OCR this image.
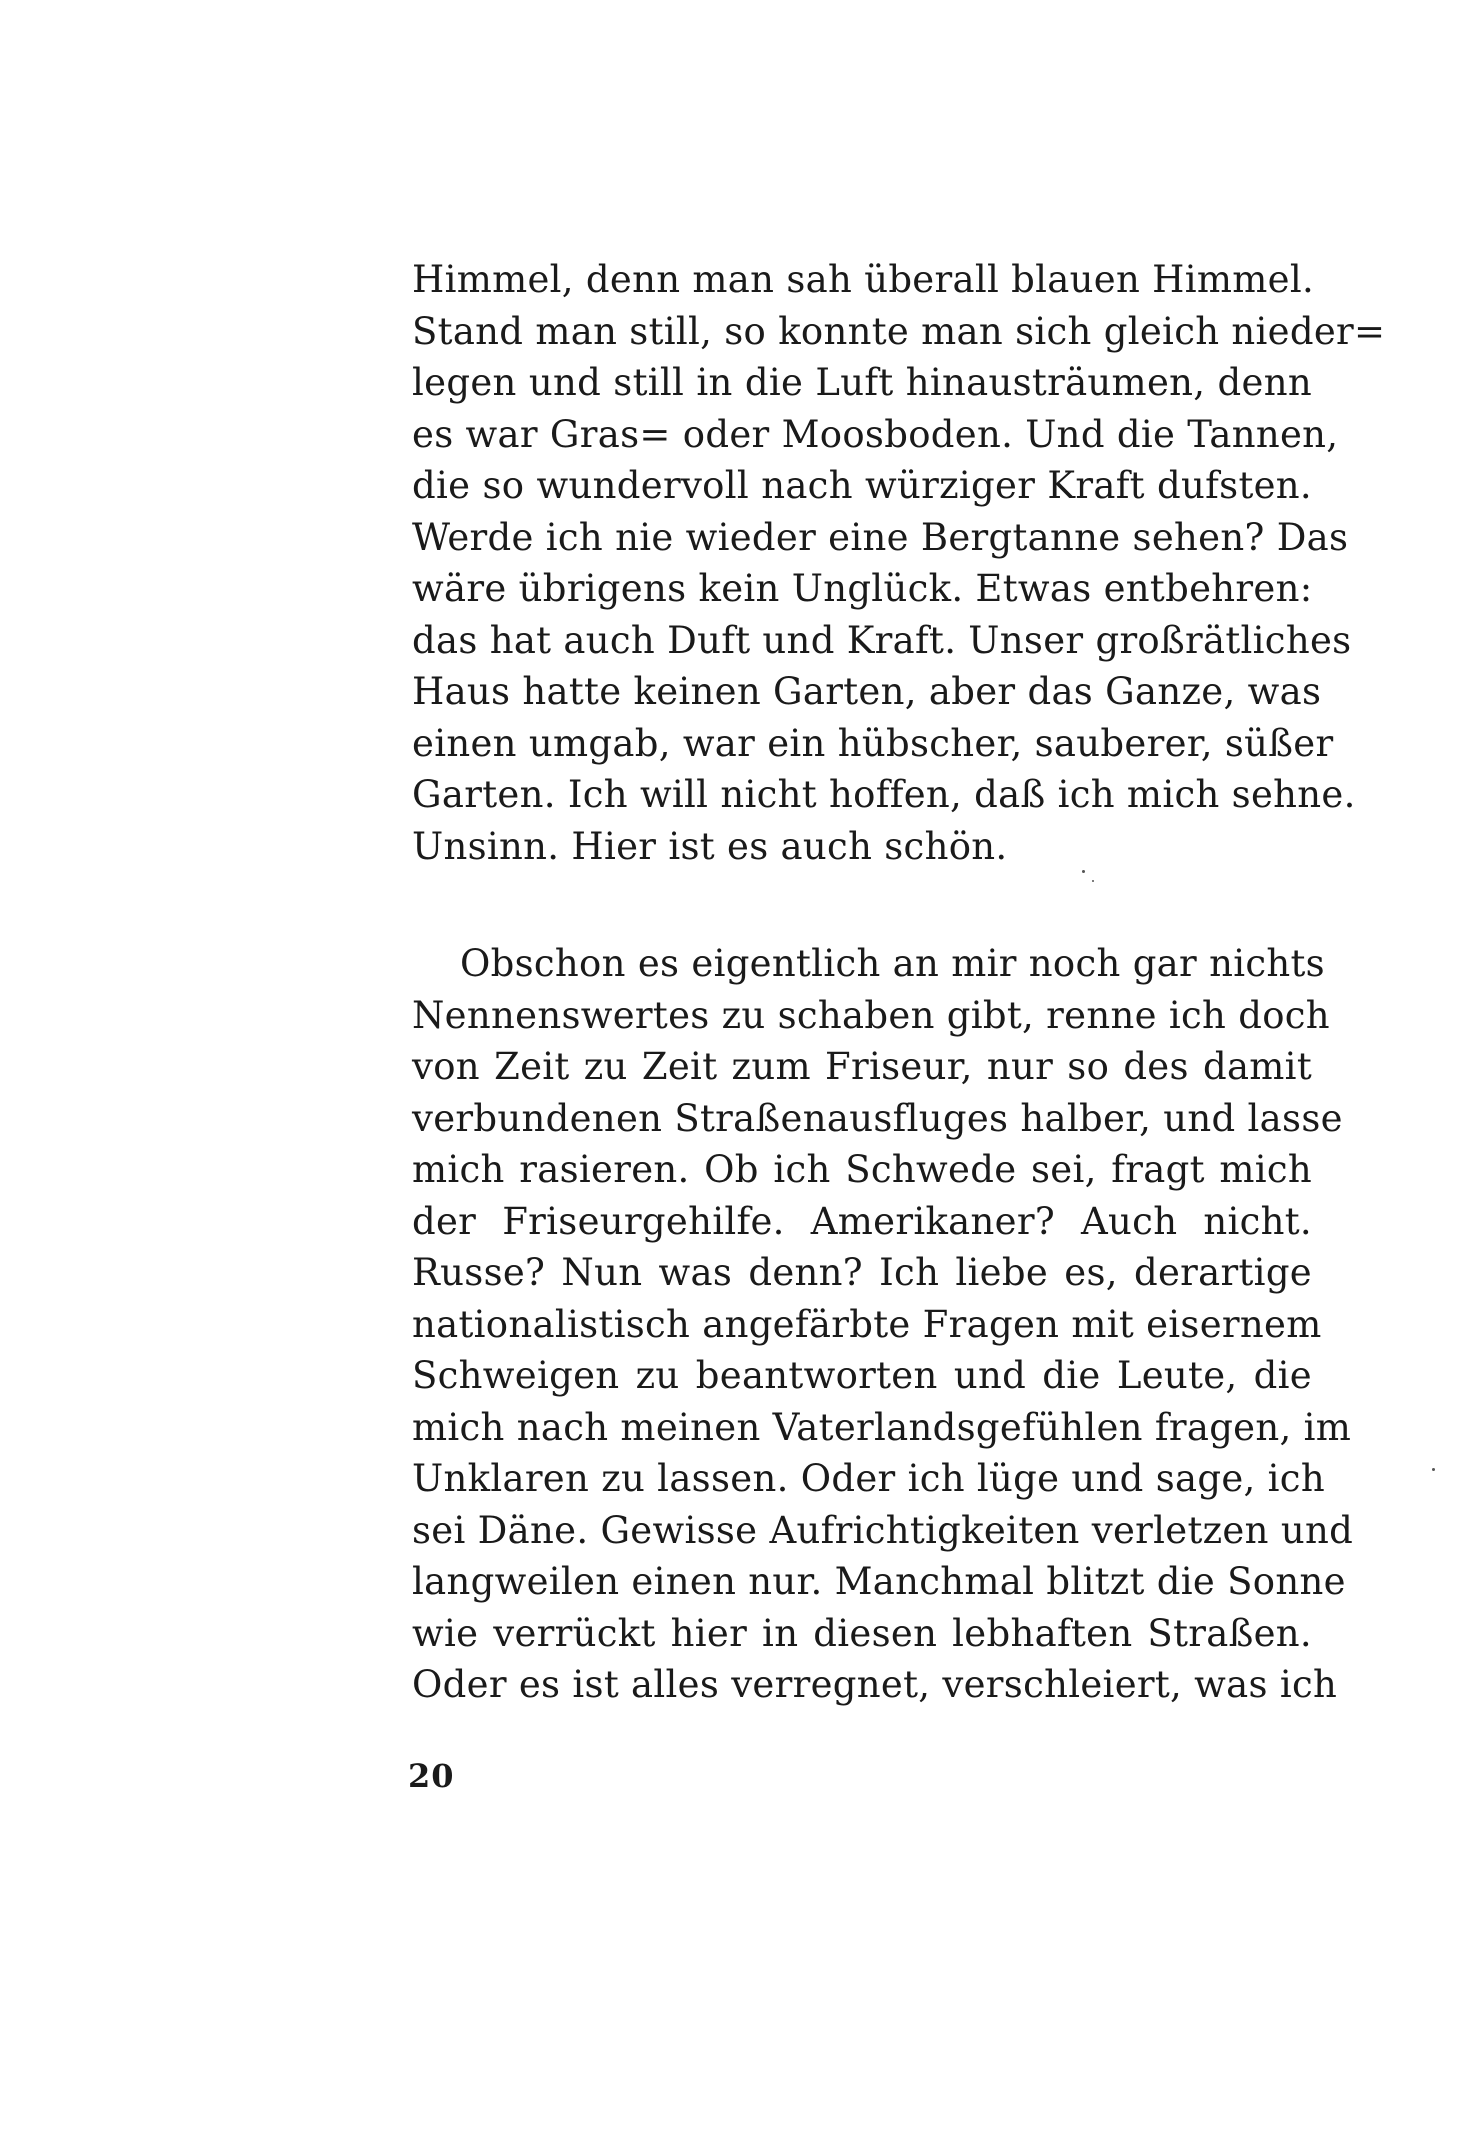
Himmel, denn man sah überall blauen Himmel.
Stand man still, so konnte man sich gleich nieder=
legen und still in die Luft hinausträumen, denn
es war Gras= oder Moosboden. Und die Tannen,
die so wundervoll nach würziger Kraft dufsten.
Werde ich nie wieder eine Bergtanne sehen? Das
wäre übrigens kein Unglück. Etwas entbehren:
das hat auch Duft und Kraft. Unser großrätliches
Haus hatte keinen Garten, aber das Ganze, was
einen umgab, war ein hübscher, sauberer, süßer
Garten. Ich will nicht hoffen, daß ich mich sehne.
Unsinn. Hier ist es auch schön.
Obschon es eigentlich an mir noch gar nichts
Nennenswertes zu schaben gibt, renne ich doch
von Zeit zu Zeit zum Friseur, nur so des damit
verbundenen Straßenausfluges halber, und lasse
mich rasieren. Ob ich Schwede sei, fragt mich
der Friseurgehilfe. Amerikaner? Auch nicht.
Russe? Nun was denn? Ich liebe es, derartige
nationalistisch angefärbte Fragen mit eisernem
Schweigen zu beantworten und die Leute, die
mich nach meinen Vaterlandsgefühlen fragen, im
Unklaren zu lassen. Oder ich lüge und sage, ich
sei Däne. Gewisse Aufrichtigkeiten verletzen und
langweilen einen nur. Manchmal blitzt die Sonne
wie verrückt hier in diesen lebhaften Straßen.
Oder es ist alles verregnet, verschleiert, was ich
20
